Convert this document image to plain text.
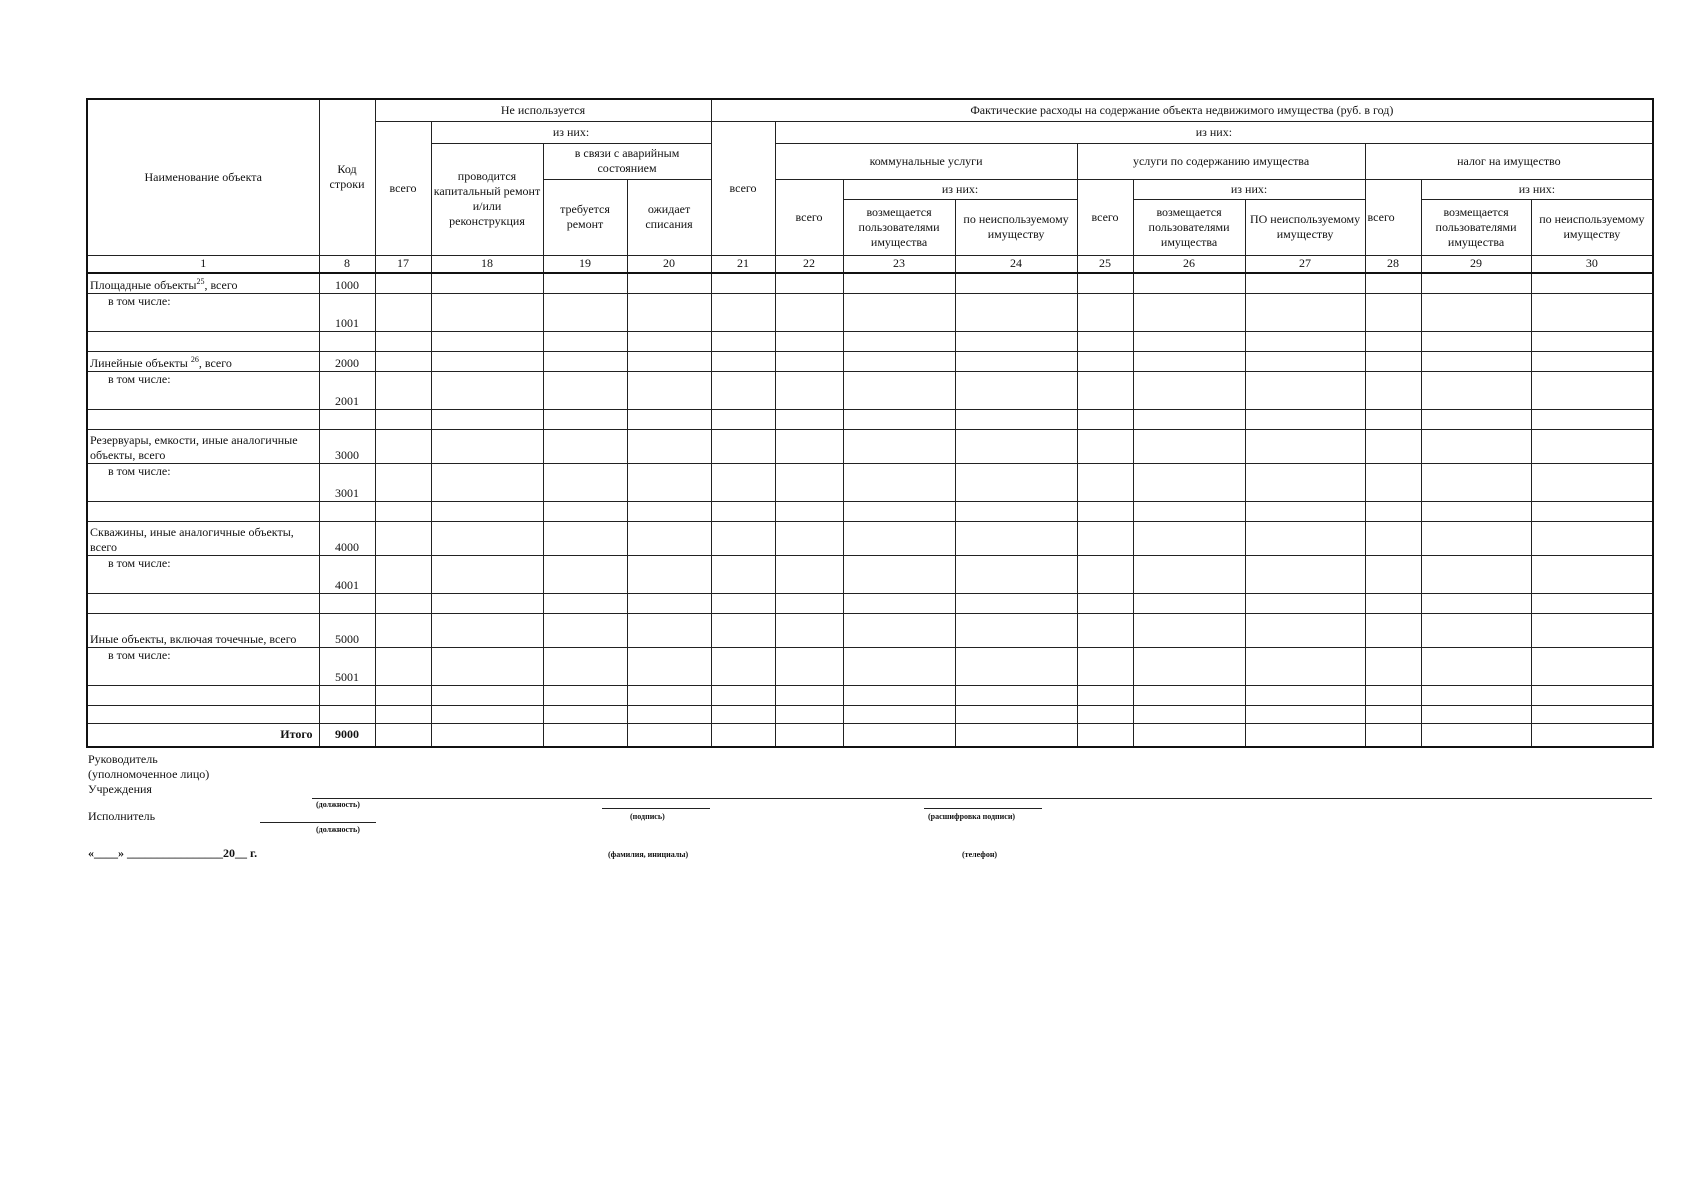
Наименование объекта	Код строки	Не используется				Фактические расходы на содержание объекта недвижимого имущества (руб. в год)									
		всего	из них:			всего	из них:								
			проводится капитальный ремонт и/или реконструкция	в связи с аварийным состоянием			коммунальные услуги			услуги по содержанию имущества			налог на имущество		
				требуется ремонт	ожидает списания		всего	из них:		всего	из них:		всего	из них:	
								возмещается пользователями имущества	по неиспользуемому имуществу		возмещается пользователями имущества	ПО неиспользуемому имуществу		возмещается пользователями имущества	по неиспользуемому имуществу

1	8	17	18	19	20	21	22	23	24	25	26	27	28	29	30
Площадные объекты$^{25}$, всего	1000														
в том числе:	1001														

Линейные объекты $^{26}$, всего	2000														
в том числе:	2001														

Резервуары, емкости, иные аналогичные объекты, всего	3000														
в том числе:	3001														

Скважины, иные аналогичные объекты, всего	4000														
в том числе:	4001														

Иные объекты, включая точечные, всего	5000														
в том числе:	5001														

Итого	9000														
Руководитель
(уполномоченное лицо)
Учреждения
(должность)
(подпись)	(расшифровка подписи)
Исполнитель
(должность)
«____» ________________20__ г.	(фамилия, инициалы)	(телефон)
